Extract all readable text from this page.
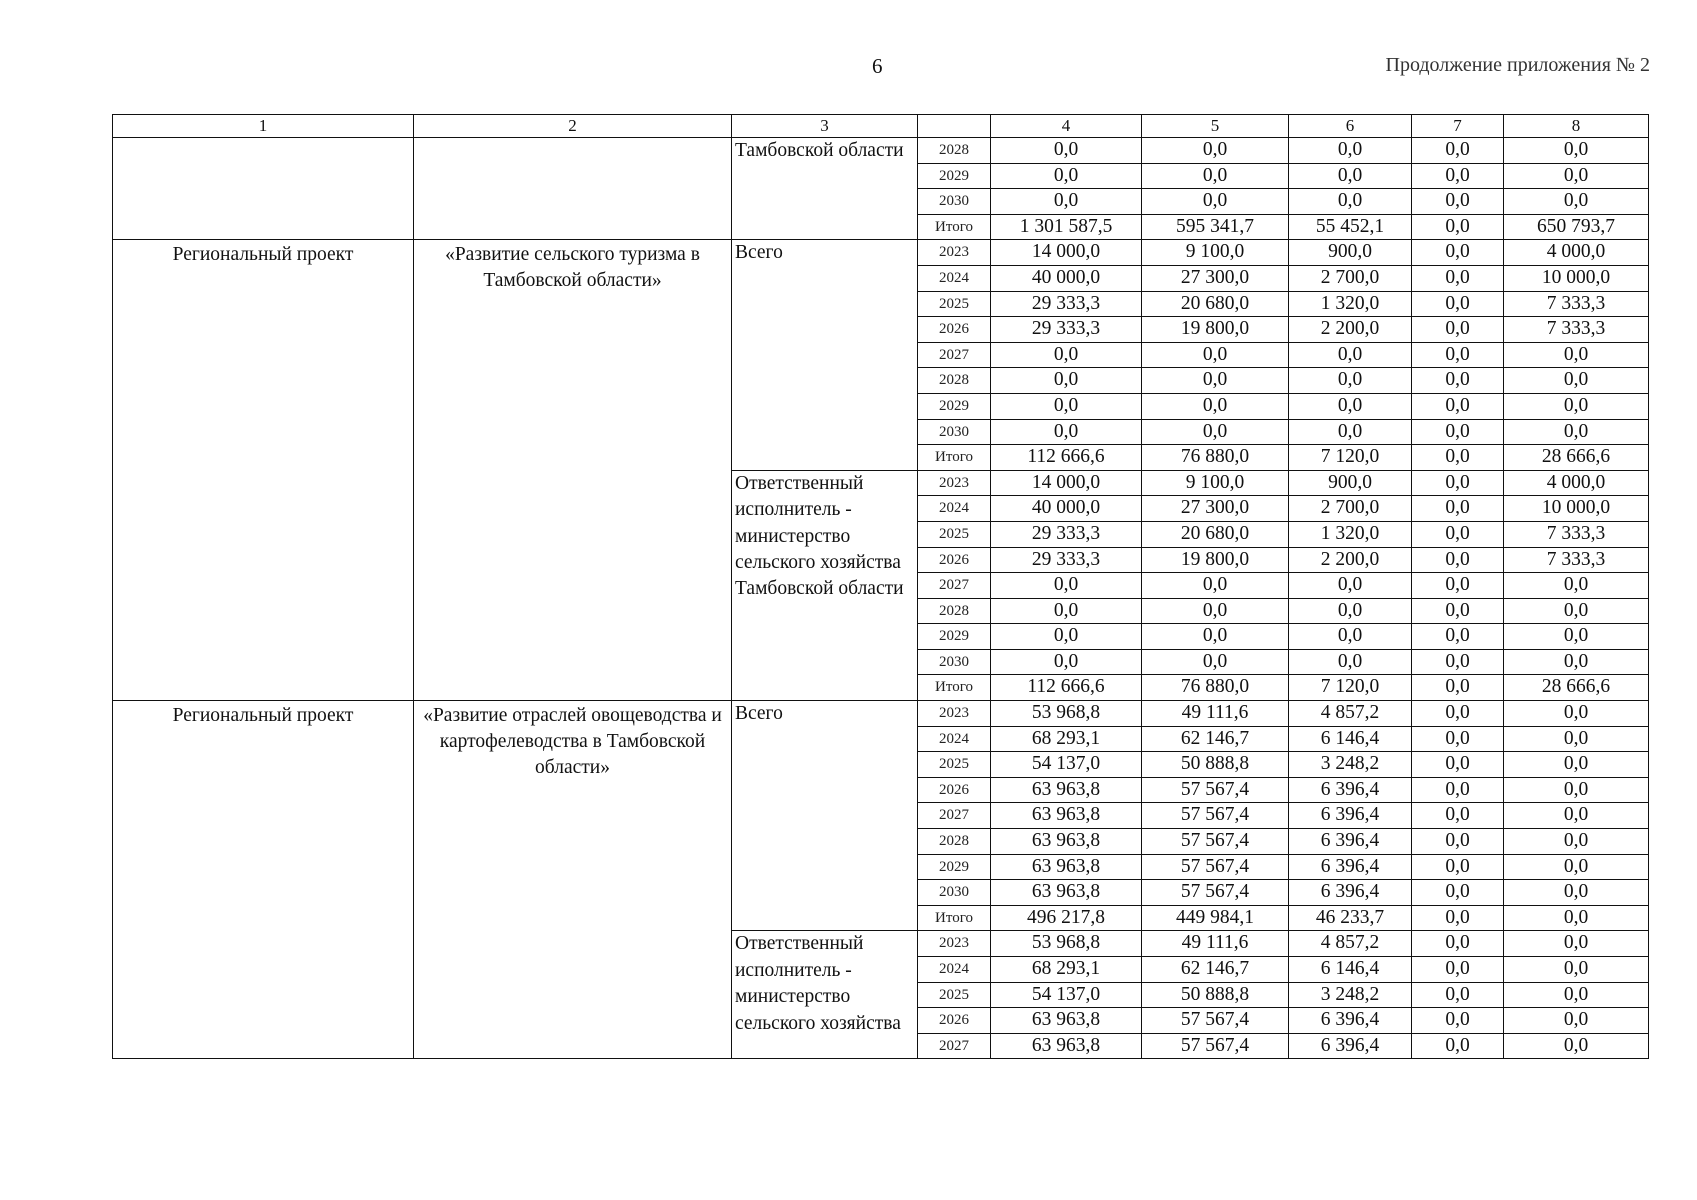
6	Продолжение приложения № 2
1	2	3		4	5	6	7	8
		Тамбовской области	2028	0,0	0,0	0,0	0,0	0,0
			2029	0,0	0,0	0,0	0,0	0,0
			2030	0,0	0,0	0,0	0,0	0,0
			Итого	1 301 587,5	595 341,7	55 452,1	0,0	650 793,7
Региональный проект	«Развитие сельского туризма в Тамбовской области»	Всего	2023	14 000,0	9 100,0	900,0	0,0	4 000,0
			2024	40 000,0	27 300,0	2 700,0	0,0	10 000,0
			2025	29 333,3	20 680,0	1 320,0	0,0	7 333,3
			2026	29 333,3	19 800,0	2 200,0	0,0	7 333,3
			2027	0,0	0,0	0,0	0,0	0,0
			2028	0,0	0,0	0,0	0,0	0,0
			2029	0,0	0,0	0,0	0,0	0,0
			2030	0,0	0,0	0,0	0,0	0,0
			Итого	112 666,6	76 880,0	7 120,0	0,0	28 666,6
		Ответственный исполнитель - министерство сельского хозяйства Тамбовской области	2023	14 000,0	9 100,0	900,0	0,0	4 000,0
			2024	40 000,0	27 300,0	2 700,0	0,0	10 000,0
			2025	29 333,3	20 680,0	1 320,0	0,0	7 333,3
			2026	29 333,3	19 800,0	2 200,0	0,0	7 333,3
			2027	0,0	0,0	0,0	0,0	0,0
			2028	0,0	0,0	0,0	0,0	0,0
			2029	0,0	0,0	0,0	0,0	0,0
			2030	0,0	0,0	0,0	0,0	0,0
			Итого	112 666,6	76 880,0	7 120,0	0,0	28 666,6
Региональный проект	«Развитие отраслей овощеводства и картофелеводства в Тамбовской области»	Всего	2023	53 968,8	49 111,6	4 857,2	0,0	0,0
			2024	68 293,1	62 146,7	6 146,4	0,0	0,0
			2025	54 137,0	50 888,8	3 248,2	0,0	0,0
			2026	63 963,8	57 567,4	6 396,4	0,0	0,0
			2027	63 963,8	57 567,4	6 396,4	0,0	0,0
			2028	63 963,8	57 567,4	6 396,4	0,0	0,0
			2029	63 963,8	57 567,4	6 396,4	0,0	0,0
			2030	63 963,8	57 567,4	6 396,4	0,0	0,0
			Итого	496 217,8	449 984,1	46 233,7	0,0	0,0
		Ответственный исполнитель - министерство сельского хозяйства	2023	53 968,8	49 111,6	4 857,2	0,0	0,0
			2024	68 293,1	62 146,7	6 146,4	0,0	0,0
			2025	54 137,0	50 888,8	3 248,2	0,0	0,0
			2026	63 963,8	57 567,4	6 396,4	0,0	0,0
			2027	63 963,8	57 567,4	6 396,4	0,0	0,0
